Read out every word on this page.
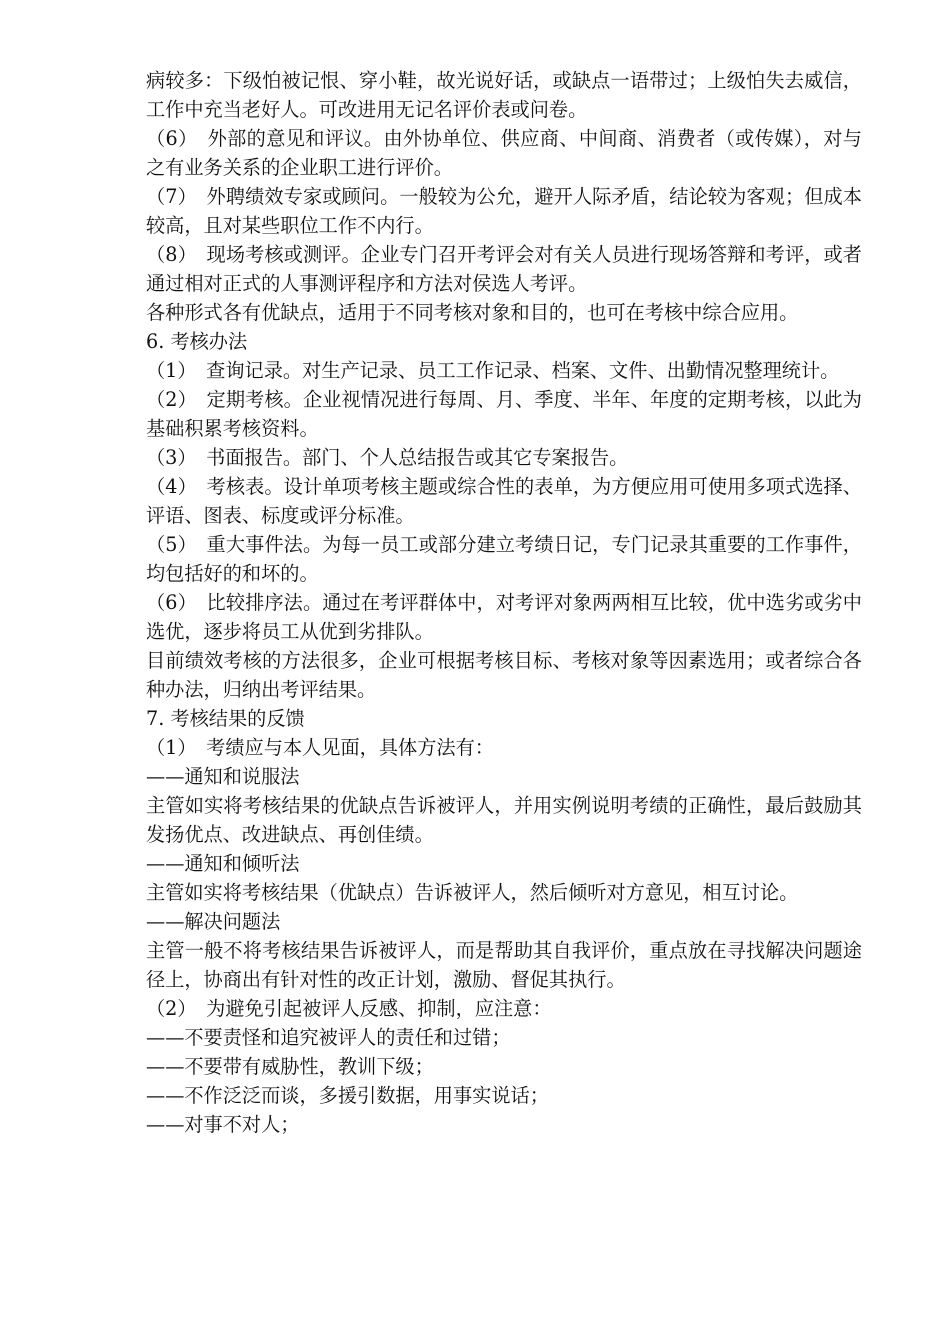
病较多：下级怕被记恨、穿小鞋，故光说好话，或缺点一语带过；上级怕失去威信，工作中充当老好人。可改进用无记名评价表或问卷。

（6）　外部的意见和评议。由外协单位、供应商、中间商、消费者（或传媒），对与之有业务关系的企业职工进行评价。

（7）　外聘绩效专家或顾问。一般较为公允，避开人际矛盾，结论较为客观；但成本较高，且对某些职位工作不内行。

（8）　现场考核或测评。企业专门召开考评会对有关人员进行现场答辩和考评，或者通过相对正式的人事测评程序和方法对侯选人考评。

各种形式各有优缺点，适用于不同考核对象和目的，也可在考核中综合应用。

6. 考核办法

（1）　查询记录。对生产记录、员工工作记录、档案、文件、出勤情况整理统计。

（2）　定期考核。企业视情况进行每周、月、季度、半年、年度的定期考核，以此为基础积累考核资料。

（3）　书面报告。部门、个人总结报告或其它专案报告。

（4）　考核表。设计单项考核主题或综合性的表单，为方便应用可使用多项式选择、评语、图表、标度或评分标准。

（5）　重大事件法。为每一员工或部分建立考绩日记，专门记录其重要的工作事件，均包括好的和坏的。

（6）　比较排序法。通过在考评群体中，对考评对象两两相互比较，优中选劣或劣中选优，逐步将员工从优到劣排队。

目前绩效考核的方法很多，企业可根据考核目标、考核对象等因素选用；或者综合各种办法，归纳出考评结果。

7. 考核结果的反馈

（1）　考绩应与本人见面，具体方法有：

——通知和说服法

主管如实将考核结果的优缺点告诉被评人，并用实例说明考绩的正确性，最后鼓励其发扬优点、改进缺点、再创佳绩。

——通知和倾听法

主管如实将考核结果（优缺点）告诉被评人，然后倾听对方意见，相互讨论。

——解决问题法

主管一般不将考核结果告诉被评人，而是帮助其自我评价，重点放在寻找解决问题途径上，协商出有针对性的改正计划，激励、督促其执行。

（2）　为避免引起被评人反感、抑制，应注意：

——不要责怪和追究被评人的责任和过错；

——不要带有威胁性，教训下级；

——不作泛泛而谈，多援引数据，用事实说话；

——对事不对人；
